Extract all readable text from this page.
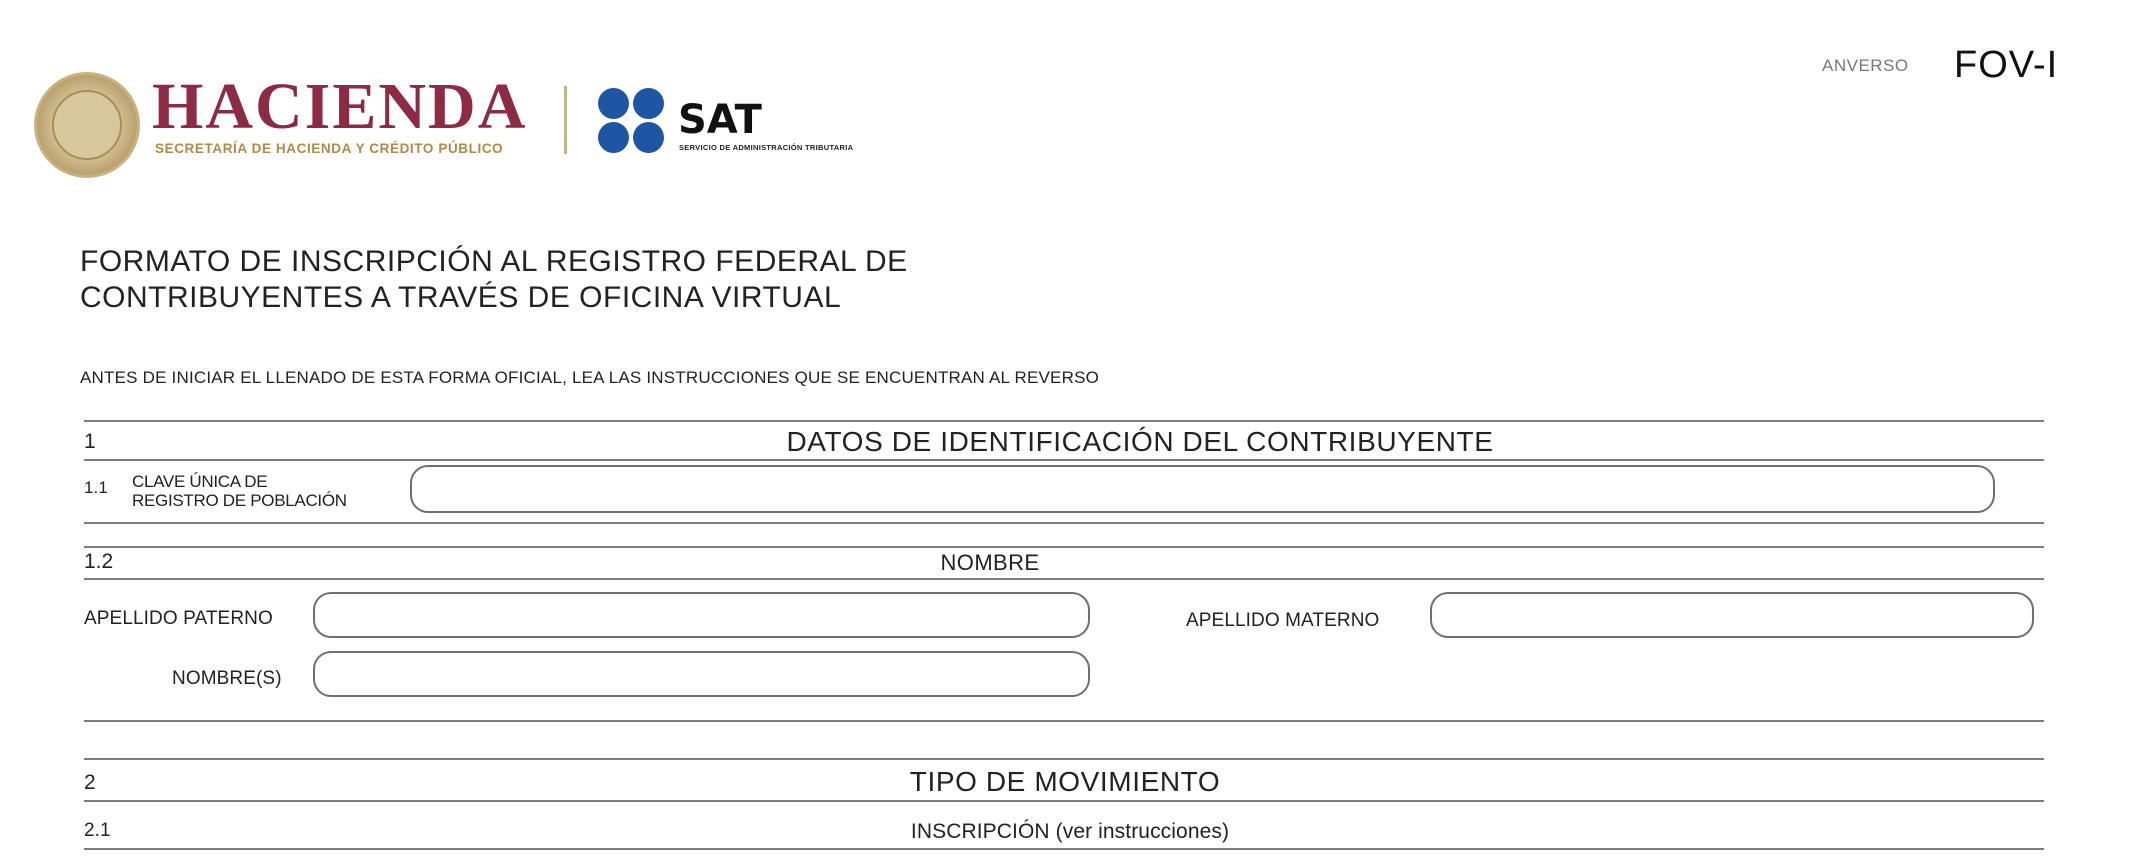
HACIENDA
SECRETARÍA DE HACIENDA Y CRÉDITO PÚBLICO
SAT
SERVICIO DE ADMINISTRACIÓN TRIBUTARIA
ANVERSO FOV-I
FORMATO DE INSCRIPCIÓN AL REGISTRO FEDERAL DE
CONTRIBUYENTES A TRAVÉS DE OFICINA VIRTUAL
ANTES DE INICIAR EL LLENADO DE ESTA FORMA OFICIAL, LEA LAS INSTRUCCIONES QUE SE ENCUENTRAN AL REVERSO
1	DATOS DE IDENTIFICACIÓN DEL CONTRIBUYENTE
1.1 CLAVE ÚNICA DE
REGISTRO DE POBLACIÓN
1.2	NOMBRE
APELLIDO PATERNO	APELLIDO MATERNO
NOMBRE(S)
2	TIPO DE MOVIMIENTO
2.1	INSCRIPCIÓN (ver instrucciones)
